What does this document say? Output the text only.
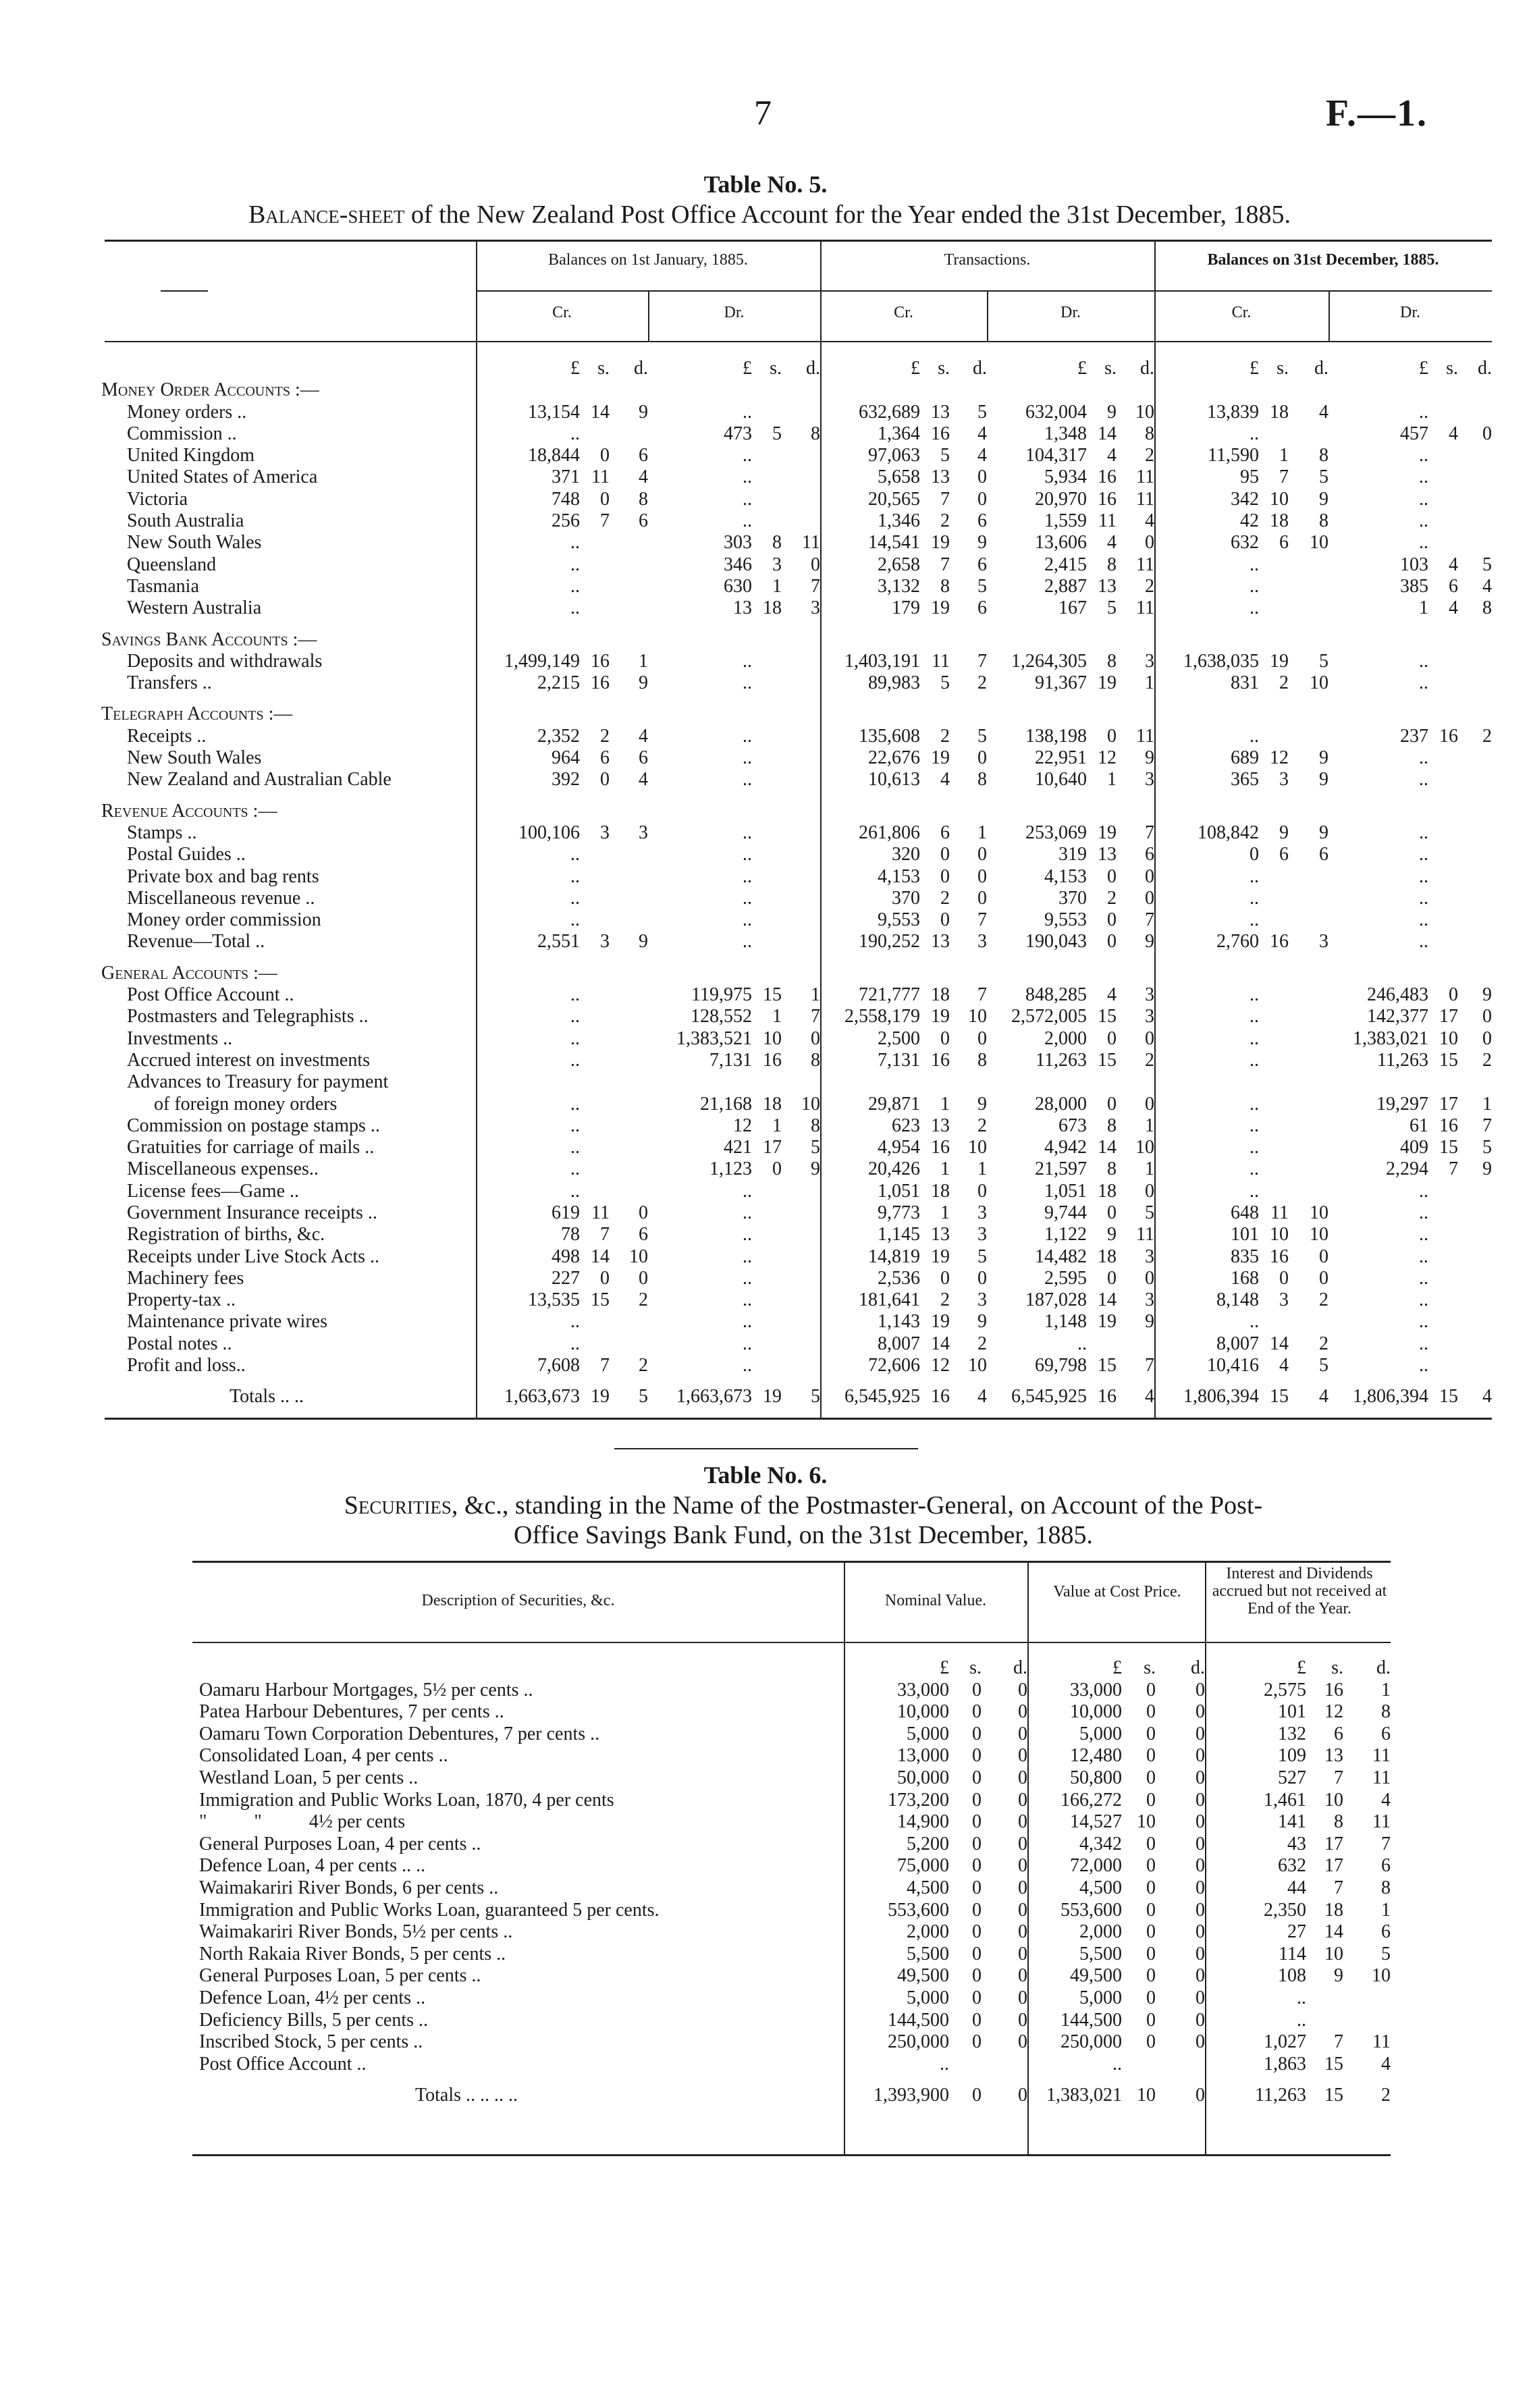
7	F.—1.
Table No. 5.
Balance-sheet of the New Zealand Post Office Account for the Year ended the 31st December, 1885.
Balances on 1st January, 1885.	Transactions.	Balances on 31st December, 1885.
Cr.	Dr.	Cr.	Dr.	Cr.	Dr.
	£	s.	d.	£	s.	d.	£	s.	d.	£	s.	d.	£	s.	d.	£	s.	d.
Money Order Accounts :—																		
Money orders ..	13,154	14	9	..			632,689	13	5	632,004	9	10	13,839	18	4	..		
Commission ..	..			473	5	8	1,364	16	4	1,348	14	8	..			457	4	0
United Kingdom	18,844	0	6	..			97,063	5	4	104,317	4	2	11,590	1	8	..		
United States of America	371	11	4	..			5,658	13	0	5,934	16	11	95	7	5	..		
Victoria	748	0	8	..			20,565	7	0	20,970	16	11	342	10	9	..		
South Australia	256	7	6	..			1,346	2	6	1,559	11	4	42	18	8	..		
New South Wales	..			303	8	11	14,541	19	9	13,606	4	0	632	6	10	..		
Queensland	..			346	3	0	2,658	7	6	2,415	8	11	..			103	4	5
Tasmania	..			630	1	7	3,132	8	5	2,887	13	2	..			385	6	4
Western Australia	..			13	18	3	179	19	6	167	5	11	..			1	4	8

Savings Bank Accounts :—																		
Deposits and withdrawals	1,499,149	16	1	..			1,403,191	11	7	1,264,305	8	3	1,638,035	19	5	..		
Transfers ..	2,215	16	9	..			89,983	5	2	91,367	19	1	831	2	10	..		

Telegraph Accounts :—																		
Receipts ..	2,352	2	4	..			135,608	2	5	138,198	0	11	..			237	16	2
New South Wales	964	6	6	..			22,676	19	0	22,951	12	9	689	12	9	..		
New Zealand and Australian Cable	392	0	4	..			10,613	4	8	10,640	1	3	365	3	9	..		

Revenue Accounts :—																		
Stamps ..	100,106	3	3	..			261,806	6	1	253,069	19	7	108,842	9	9	..		
Postal Guides ..	..			..			320	0	0	319	13	6	0	6	6	..		
Private box and bag rents	..			..			4,153	0	0	4,153	0	0	..			..		
Miscellaneous revenue ..	..			..			370	2	0	370	2	0	..			..		
Money order commission	..			..			9,553	0	7	9,553	0	7	..			..		
Revenue—Total ..	2,551	3	9	..			190,252	13	3	190,043	0	9	2,760	16	3	..		

General Accounts :—																		
Post Office Account ..	..			119,975	15	1	721,777	18	7	848,285	4	3	..			246,483	0	9
Postmasters and Telegraphists ..	..			128,552	1	7	2,558,179	19	10	2,572,005	15	3	..			142,377	17	0
Investments ..	..			1,383,521	10	0	2,500	0	0	2,000	0	0	..			1,383,021	10	0
Accrued interest on investments	..			7,131	16	8	7,131	16	8	11,263	15	2	..			11,263	15	2
Advances to Treasury for payment																		
of foreign money orders	..			21,168	18	10	29,871	1	9	28,000	0	0	..			19,297	17	1
Commission on postage stamps ..	..			12	1	8	623	13	2	673	8	1	..			61	16	7
Gratuities for carriage of mails ..	..			421	17	5	4,954	16	10	4,942	14	10	..			409	15	5
Miscellaneous expenses..	..			1,123	0	9	20,426	1	1	21,597	8	1	..			2,294	7	9
License fees—Game ..	..			..			1,051	18	0	1,051	18	0	..			..		
Government Insurance receipts ..	619	11	0	..			9,773	1	3	9,744	0	5	648	11	10	..		
Registration of births, &c.	78	7	6	..			1,145	13	3	1,122	9	11	101	10	10	..		
Receipts under Live Stock Acts ..	498	14	10	..			14,819	19	5	14,482	18	3	835	16	0	..		
Machinery fees	227	0	0	..			2,536	0	0	2,595	0	0	168	0	0	..		
Property-tax ..	13,535	15	2	..			181,641	2	3	187,028	14	3	8,148	3	2	..		
Maintenance private wires	..			..			1,143	19	9	1,148	19	9	..			..		
Postal notes ..	..			..			8,007	14	2	..			8,007	14	2	..		
Profit and loss..	7,608	7	2	..			72,606	12	10	69,798	15	7	10,416	4	5	..		

Totals .. ..	1,663,673	19	5	1,663,673	19	5	6,545,925	16	4	6,545,925	16	4	1,806,394	15	4	1,806,394	15	4
Table No. 6.
Securities, &c., standing in the Name of the Postmaster-General, on Account of the Post-
Office Savings Bank Fund, on the 31st December, 1885.
Description of Securities, &c.	Nominal Value.	Value at Cost Price.
Interest and Dividends accrued but not received at End of the Year.
	£	s.	d.	£	s.	d.	£	s.	d.
Oamaru Harbour Mortgages, 5½ per cents ..	33,000	0	0	33,000	0	0	2,575	16	1
Patea Harbour Debentures, 7 per cents ..	10,000	0	0	10,000	0	0	101	12	8
Oamaru Town Corporation Debentures, 7 per cents ..	5,000	0	0	5,000	0	0	132	6	6
Consolidated Loan, 4 per cents ..	13,000	0	0	12,480	0	0	109	13	11
Westland Loan, 5 per cents ..	50,000	0	0	50,800	0	0	527	7	11
Immigration and Public Works Loan, 1870, 4 per cents	173,200	0	0	166,272	0	0	1,461	10	4
"          "          4½ per cents	14,900	0	0	14,527	10	0	141	8	11
General Purposes Loan, 4 per cents ..	5,200	0	0	4,342	0	0	43	17	7
Defence Loan, 4 per cents .. ..	75,000	0	0	72,000	0	0	632	17	6
Waimakariri River Bonds, 6 per cents ..	4,500	0	0	4,500	0	0	44	7	8
Immigration and Public Works Loan, guaranteed 5 per cents.	553,600	0	0	553,600	0	0	2,350	18	1
Waimakariri River Bonds, 5½ per cents ..	2,000	0	0	2,000	0	0	27	14	6
North Rakaia River Bonds, 5 per cents ..	5,500	0	0	5,500	0	0	114	10	5
General Purposes Loan, 5 per cents ..	49,500	0	0	49,500	0	0	108	9	10
Defence Loan, 4½ per cents ..	5,000	0	0	5,000	0	0	..		
Deficiency Bills, 5 per cents ..	144,500	0	0	144,500	0	0	..		
Inscribed Stock, 5 per cents ..	250,000	0	0	250,000	0	0	1,027	7	11
Post Office Account ..	..			..			1,863	15	4

Totals .. .. .. ..	1,393,900	0	0	1,383,021	10	0	11,263	15	2
